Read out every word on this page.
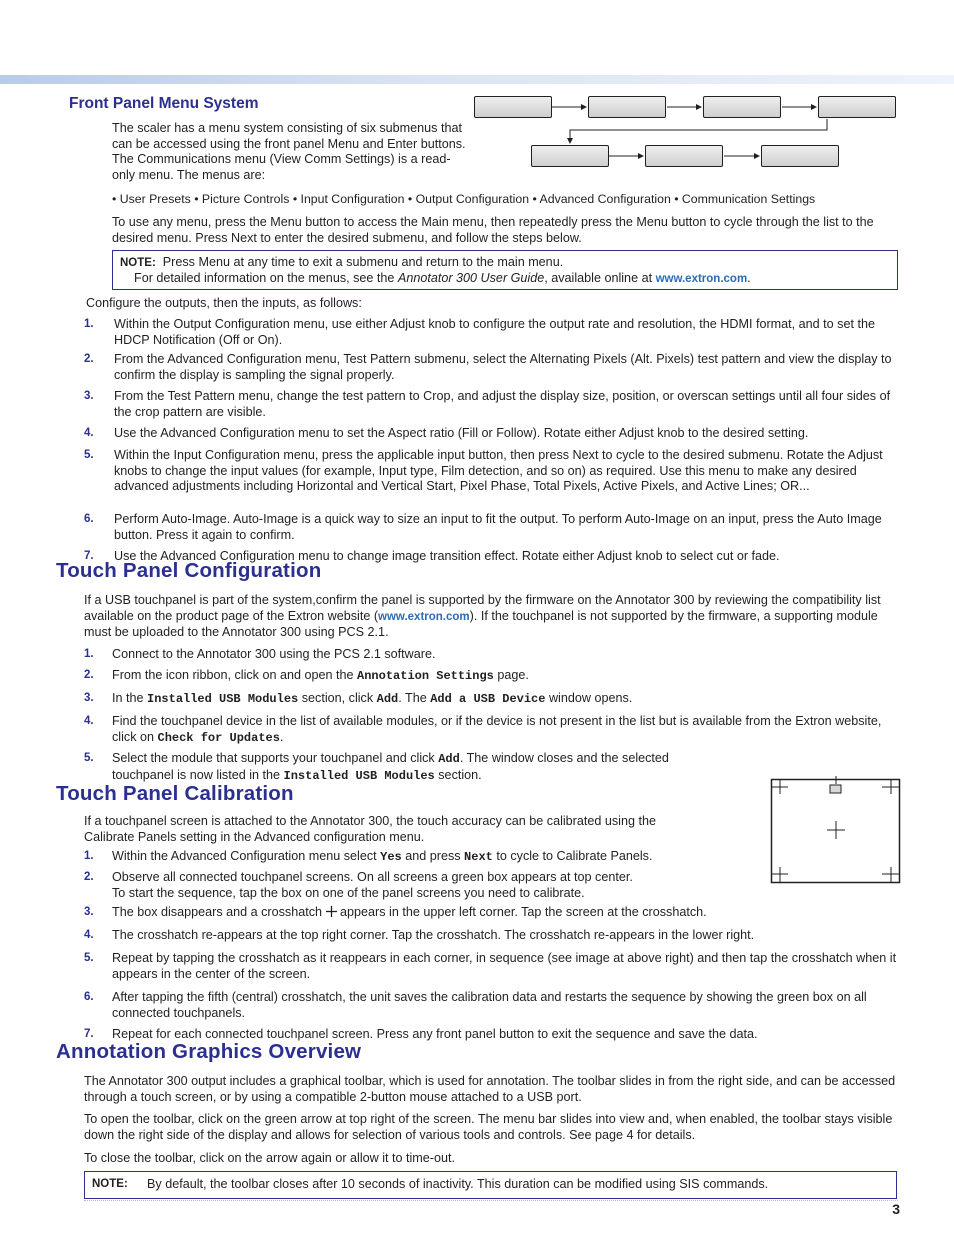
Front Panel Menu System

The scaler has a menu system consisting of six submenus that can be accessed using the front panel Menu and Enter buttons. The Communications menu (View Comm Settings) is a read-only menu. The menus are:

• User Presets • Picture Controls • Input Configuration • Output Configuration • Advanced Configuration • Communication Settings

To use any menu, press the Menu button to access the Main menu, then repeatedly press the Menu button to cycle through the list to the desired menu. Press Next to enter the desired submenu, and follow the steps below.

NOTE: Press Menu at any time to exit a submenu and return to the main menu.
For detailed information on the menus, see the Annotator 300 User Guide, available online at www.extron.com.

Configure the outputs, then the inputs, as follows:

1. Within the Output Configuration menu, use either Adjust knob to configure the output rate and resolution, the HDMI format, and to set the HDCP Notification (Off or On).
2. From the Advanced Configuration menu, Test Pattern submenu, select the Alternating Pixels (Alt. Pixels) test pattern and view the display to confirm the display is sampling the signal properly.
3. From the Test Pattern menu, change the test pattern to Crop, and adjust the display size, position, or overscan settings until all four sides of the crop pattern are visible.
4. Use the Advanced Configuration menu to set the Aspect ratio (Fill or Follow). Rotate either Adjust knob to the desired setting.
5. Within the Input Configuration menu, press the applicable input button, then press Next to cycle to the desired submenu. Rotate the Adjust knobs to change the input values (for example, Input type, Film detection, and so on) as required. Use this menu to make any desired advanced adjustments including Horizontal and Vertical Start, Pixel Phase, Total Pixels, Active Pixels, and Active Lines; OR...
6. Perform Auto-Image. Auto-Image is a quick way to size an input to fit the output. To perform Auto-Image on an input, press the Auto Image button. Press it again to confirm.
7. Use the Advanced Configuration menu to change image transition effect. Rotate either Adjust knob to select cut or fade.
Touch Panel Configuration

If a USB touchpanel is part of the system,confirm the panel is supported by the firmware on the Annotator 300 by reviewing the compatibility list available on the product page of the Extron website (www.extron.com). If the touchpanel is not supported by the firmware, a supporting module must be uploaded to the Annotator 300 using PCS 2.1.

1. Connect to the Annotator 300 using the PCS 2.1 software.
2. From the icon ribbon, click on and open the Annotation Settings page.
3. In the Installed USB Modules section, click Add. The Add a USB Device window opens.
4. Find the touchpanel device in the list of available modules, or if the device is not present in the list but is available from the Extron website, click on Check for Updates.
5. Select the module that supports your touchpanel and click Add. The window closes and the selected touchpanel is now listed in the Installed USB Modules section.
Touch Panel Calibration

If a touchpanel screen is attached to the Annotator 300, the touch accuracy can be calibrated using the Calibrate Panels setting in the Advanced configuration menu.

1. Within the Advanced Configuration menu select Yes and press Next to cycle to Calibrate Panels.
2. Observe all connected touchpanel screens. On all screens a green box appears at top center.
To start the sequence, tap the box on one of the panel screens you need to calibrate.
3. The box disappears and a crosshatch  appears in the upper left corner. Tap the screen at the crosshatch.
4. The crosshatch re-appears at the top right corner. Tap the crosshatch. The crosshatch re-appears in the lower right.
5. Repeat by tapping the crosshatch as it reappears in each corner, in sequence (see image at above right) and then tap the crosshatch when it appears in the center of the screen.
6. After tapping the fifth (central) crosshatch, the unit saves the calibration data and restarts the sequence by showing the green box on all connected touchpanels.
7. Repeat for each connected touchpanel screen. Press any front panel button to exit the sequence and save the data.
Annotation Graphics Overview

The Annotator 300 output includes a graphical toolbar, which is used for annotation. The toolbar slides in from the right side, and can be accessed through a touch screen, or by using a compatible 2-button mouse attached to a USB port.

To open the toolbar, click on the green arrow at top right of the screen. The menu bar slides into view and, when enabled, the toolbar stays visible down the right side of the display and allows for selection of various tools and controls. See page 4 for details.

To close the toolbar, click on the arrow again or allow it to time-out.

NOTE: By default, the toolbar closes after 10 seconds of inactivity. This duration can be modified using SIS commands.
3
